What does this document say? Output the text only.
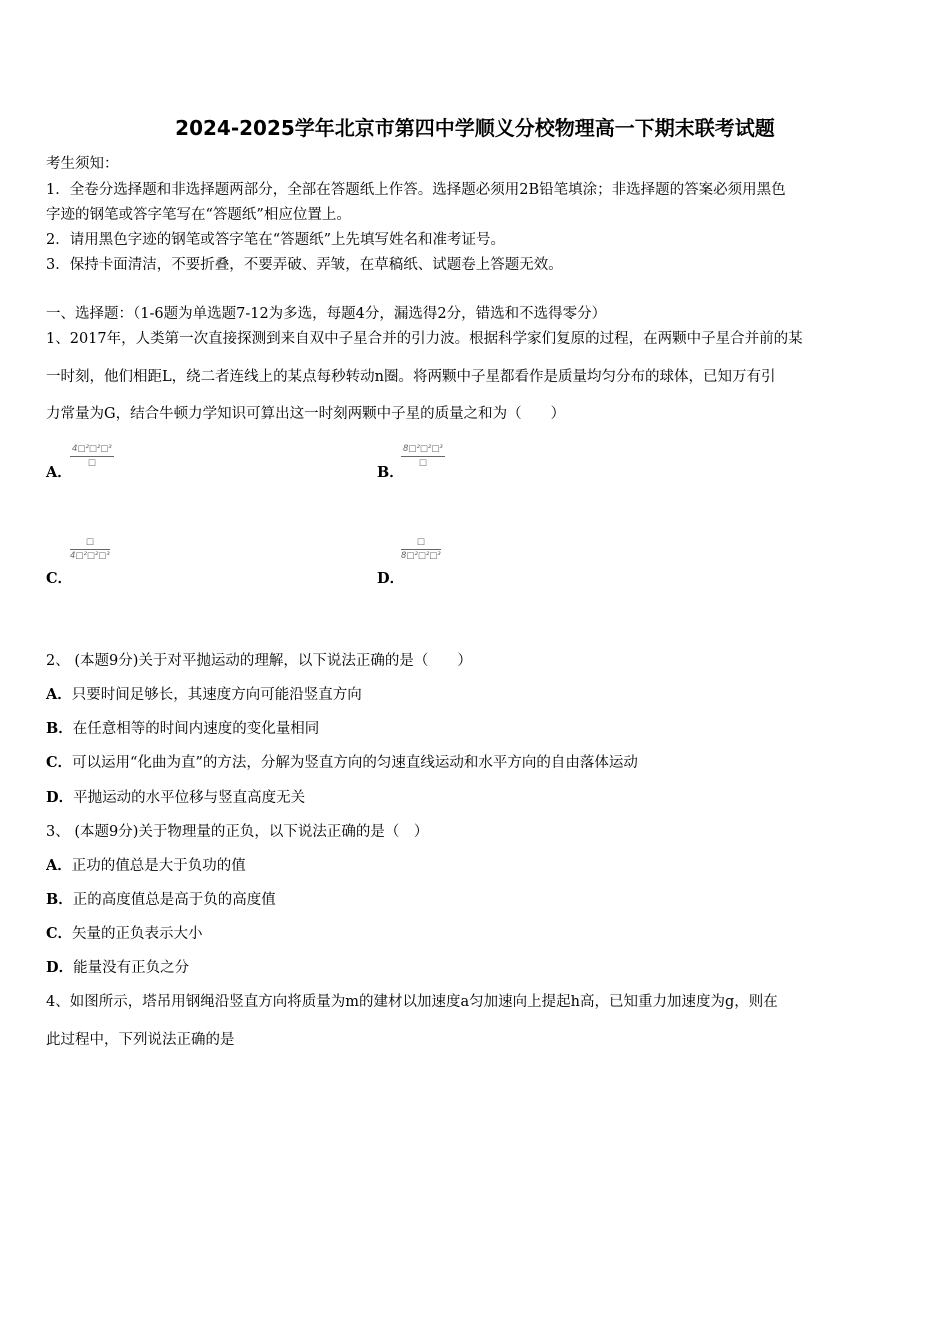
2024-2025学年北京市第四中学顺义分校物理高一下期末联考试题
考生须知：
1．全卷分选择题和非选择题两部分，全部在答题纸上作答。选择题必须用2B铅笔填涂；非选择题的答案必须用黑色
字迹的钢笔或答字笔写在“答题纸”相应位置上。
2．请用黑色字迹的钢笔或答字笔在“答题纸”上先填写姓名和准考证号。
3．保持卡面清洁，不要折叠，不要弄破、弄皱，在草稿纸、试题卷上答题无效。
一、选择题：（1-6题为单选题7-12为多选，每题4分，漏选得2分，错选和不选得零分）
1、2017年，人类第一次直接探测到来自双中子星合并的引力波。根据科学家们复原的过程，在两颗中子星合并前的某
一时刻，他们相距L，绕二者连线上的某点每秒转动n圈。将两颗中子星都看作是质量均匀分布的球体，已知万有引
力常量为G，结合牛顿力学知识可算出这一时刻两颗中子星的质量之和为（　　）
A．
4□²□²□³
□
B．
8□²□²□³
□
C．
□
4□²□²□³
D．
□
8□²□²□³
2、 (本题9分)关于对平抛运动的理解，以下说法正确的是（　　）
A．只要时间足够长，其速度方向可能沿竖直方向
B．在任意相等的时间内速度的变化量相同
C．可以运用“化曲为直”的方法，分解为竖直方向的匀速直线运动和水平方向的自由落体运动
D．平抛运动的水平位移与竖直高度无关
3、 (本题9分)关于物理量的正负，以下说法正确的是（　）
A．正功的值总是大于负功的值
B．正的高度值总是高于负的高度值
C．矢量的正负表示大小
D．能量没有正负之分
4、如图所示，塔吊用钢绳沿竖直方向将质量为m的建材以加速度a匀加速向上提起h高，已知重力加速度为g，则在
此过程中，下列说法正确的是
